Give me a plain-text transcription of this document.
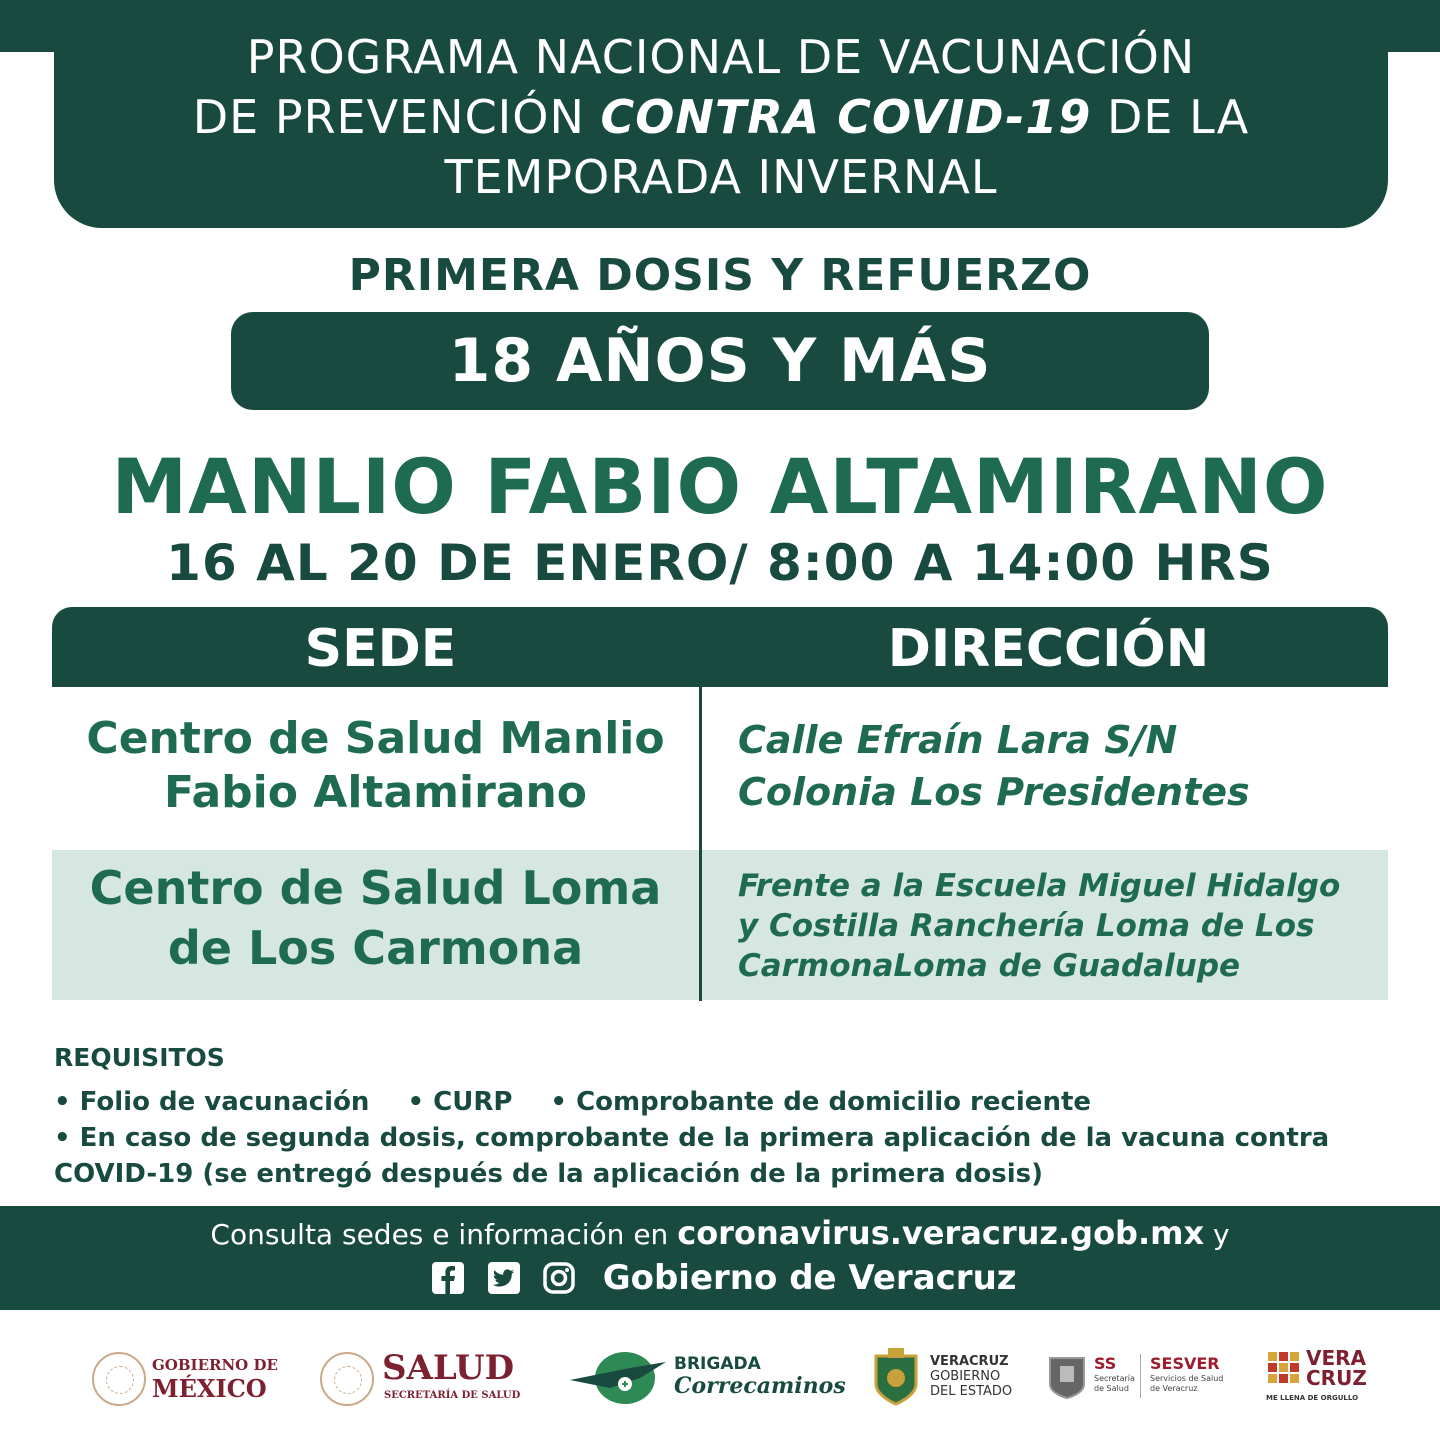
PROGRAMA NACIONAL DE VACUNACIÓN
DE PREVENCIÓN CONTRA COVID-19 DE LA
TEMPORADA INVERNAL
PRIMERA DOSIS Y REFUERZO
18 AÑOS Y MÁS
MANLIO FABIO ALTAMIRANO
16 AL 20 DE ENERO/ 8:00 A 14:00 HRS
SEDE	DIRECCIÓN
Centro de Salud Manlio
Fabio Altamirano
Calle Efraín Lara S/N
Colonia Los Presidentes
Centro de Salud Loma
de Los Carmona
Frente a la Escuela Miguel Hidalgo
y Costilla Ranchería Loma de Los
CarmonaLoma de Guadalupe
REQUISITOS
• Folio de vacunación • CURP • Comprobante de domicilio reciente
• En caso de segunda dosis, comprobante de la primera aplicación de la vacuna contra
COVID-19 (se entregó después de la aplicación de la primera dosis)
Consulta sedes e información en coronavirus.veracruz.gob.mx y
Gobierno de Veracruz
GOBIERNO DE
MÉXICO
SALUD
SECRETARÍA DE SALUD
BRIGADA
Correcaminos
VERACRUZ
GOBIERNO
DEL ESTADO
SS
Secretaría
de Salud
SESVER
Servicios de Salud
de Veracruz
VERA
CRUZ
ME LLENA DE ORGULLO
